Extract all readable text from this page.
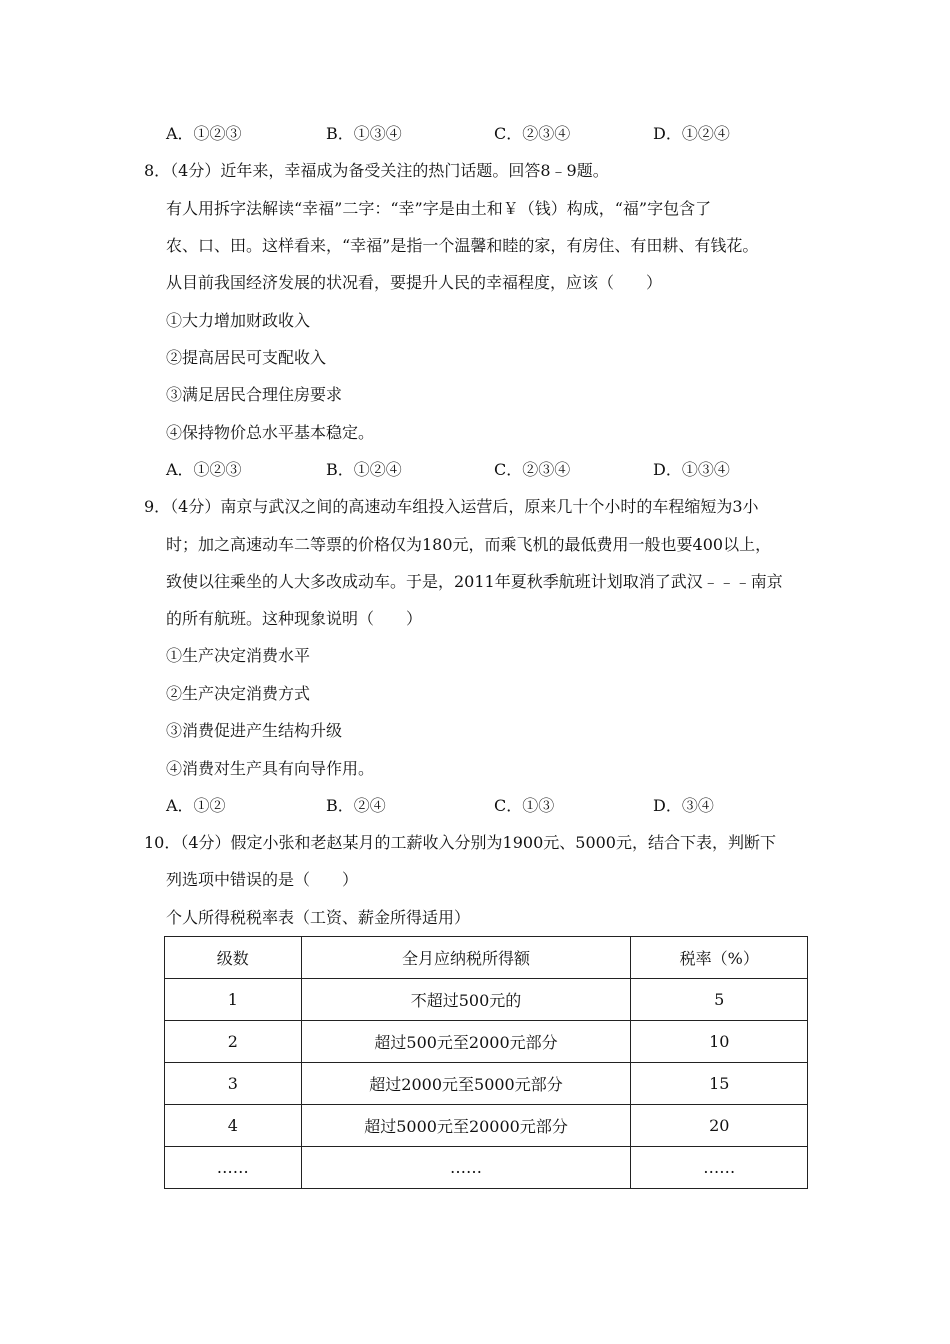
A．①②③	B．①③④	C．②③④	D．①②④
8．（4分）近年来，幸福成为备受关注的热门话题。回答8﹣9题。
有人用拆字法解读“幸福”二字：“幸”字是由土和￥（钱）构成，“福”字包含了
农、口、田。这样看来，“幸福”是指一个温馨和睦的家，有房住、有田耕、有钱花。
从目前我国经济发展的状况看，要提升人民的幸福程度，应该（　　）
①大力增加财政收入
②提高居民可支配收入
③满足居民合理住房要求
④保持物价总水平基本稳定。
A．①②③	B．①②④	C．②③④	D．①③④
9．（4分）南京与武汉之间的高速动车组投入运营后，原来几十个小时的车程缩短为3小
时；加之高速动车二等票的价格仅为180元，而乘飞机的最低费用一般也要400以上，
致使以往乘坐的人大多改成动车。于是，2011年夏秋季航班计划取消了武汉﹣﹣﹣南京
的所有航班。这种现象说明（　　）
①生产决定消费水平
②生产决定消费方式
③消费促进产生结构升级
④消费对生产具有向导作用。
A．①②	B．②④	C．①③	D．③④
10．（4分）假定小张和老赵某月的工薪收入分别为1900元、5000元，结合下表，判断下
列选项中错误的是（　　）
个人所得税税率表（工资、薪金所得适用）
级数	全月应纳税所得额	税率（%）
1	不超过500元的	5
2	超过500元至2000元部分	10
3	超过2000元至5000元部分	15
4	超过5000元至20000元部分	20
……	……	……
